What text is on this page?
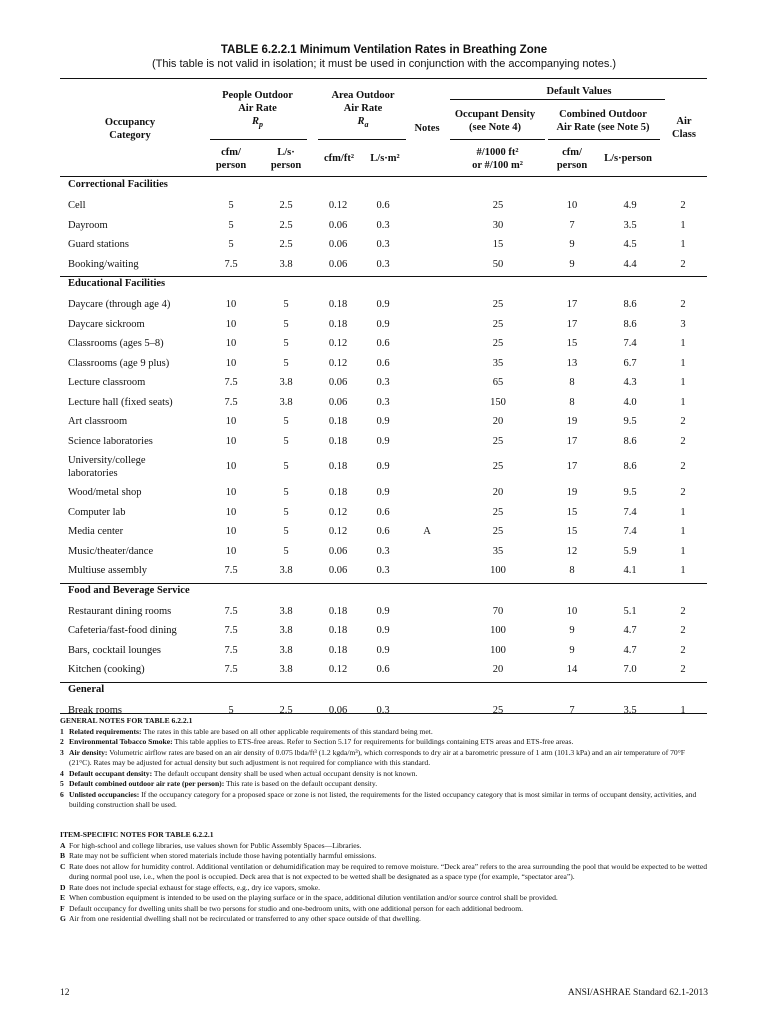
TABLE 6.2.2.1 Minimum Ventilation Rates in Breathing Zone
(This table is not valid in isolation; it must be used in conjunction with the accompanying notes.)
Occupancy
Category
People Outdoor
Air Rate
$R_p$
Area Outdoor
Air Rate
$R_a$	Notes
Default Values
Occupant Density
(see Note 4)
Combined Outdoor
Air Rate (see Note 5)
Air
Class
cfm/
person
L/s·
person
cfm/ft²	L/s·m²
#/1000 ft²
or #/100 m²
cfm/
person
L/s·person
Correctional Facilities
Cell	5	2.5	0.12	0.6	25	10	4.9	2
Dayroom	5	2.5	0.06	0.3	30	7	3.5	1
Guard stations	5	2.5	0.06	0.3	15	9	4.5	1
Booking/waiting	7.5	3.8	0.06	0.3	50	9	4.4	2
Educational Facilities
Daycare (through age 4)	10	5	0.18	0.9	25	17	8.6	2
Daycare sickroom	10	5	0.18	0.9	25	17	8.6	3
Classrooms (ages 5–8)	10	5	0.12	0.6	25	15	7.4	1
Classrooms (age 9 plus)	10	5	0.12	0.6	35	13	6.7	1
Lecture classroom	7.5	3.8	0.06	0.3	65	8	4.3	1
Lecture hall (fixed seats)	7.5	3.8	0.06	0.3	150	8	4.0	1
Art classroom	10	5	0.18	0.9	20	19	9.5	2
Science laboratories	10	5	0.18	0.9	25	17	8.6	2
University/college laboratories
10	5	0.18	0.9	25	17	8.6	2
Wood/metal shop	10	5	0.18	0.9	20	19	9.5	2
Computer lab	10	5	0.12	0.6	25	15	7.4	1
Media center	10	5	0.12	0.6	A	25	15	7.4	1
Music/theater/dance	10	5	0.06	0.3	35	12	5.9	1
Multiuse assembly	7.5	3.8	0.06	0.3	100	8	4.1	1
Food and Beverage Service
Restaurant dining rooms	7.5	3.8	0.18	0.9	70	10	5.1	2
Cafeteria/fast-food dining	7.5	3.8	0.18	0.9	100	9	4.7	2
Bars, cocktail lounges	7.5	3.8	0.18	0.9	100	9	4.7	2
Kitchen (cooking)	7.5	3.8	0.12	0.6	20	14	7.0	2
General
Break rooms	5	2.5	0.06	0.3	25	7	3.5	1
GENERAL NOTES FOR TABLE 6.2.2.1
1 Related requirements: The rates in this table are based on all other applicable requirements of this standard being met.
2 Environmental Tobacco Smoke: This table applies to ETS-free areas. Refer to Section 5.17 for requirements for buildings containing ETS areas and ETS-free areas.
3 Air density: Volumetric airflow rates are based on an air density of 0.075 lbda/ft³ (1.2 kgda/m³), which corresponds to dry air at a barometric pressure of 1 atm (101.3 kPa) and an air temperature of 70°F (21°C). Rates may be adjusted for actual density but such adjustment is not required for compliance with this standard.
4 Default occupant density: The default occupant density shall be used when actual occupant density is not known.
5 Default combined outdoor air rate (per person): This rate is based on the default occupant density.
6 Unlisted occupancies: If the occupancy category for a proposed space or zone is not listed, the requirements for the listed occupancy category that is most similar in terms of occupant density, activities, and building construction shall be used.
ITEM-SPECIFIC NOTES FOR TABLE 6.2.2.1
A For high-school and college libraries, use values shown for Public Assembly Spaces—Libraries.
B Rate may not be sufficient when stored materials include those having potentially harmful emissions.
C Rate does not allow for humidity control. Additional ventilation or dehumidification may be required to remove moisture. “Deck area” refers to the area surrounding the pool that would be expected to be wetted during normal pool use, i.e., when the pool is occupied. Deck area that is not expected to be wetted shall be designated as a space type (for example, “spectator area”).
D Rate does not include special exhaust for stage effects, e.g., dry ice vapors, smoke.
E When combustion equipment is intended to be used on the playing surface or in the space, additional dilution ventilation and/or source control shall be provided.
F Default occupancy for dwelling units shall be two persons for studio and one-bedroom units, with one additional person for each additional bedroom.
G Air from one residential dwelling shall not be recirculated or transferred to any other space outside of that dwelling.
12	ANSI/ASHRAE Standard 62.1-2013
